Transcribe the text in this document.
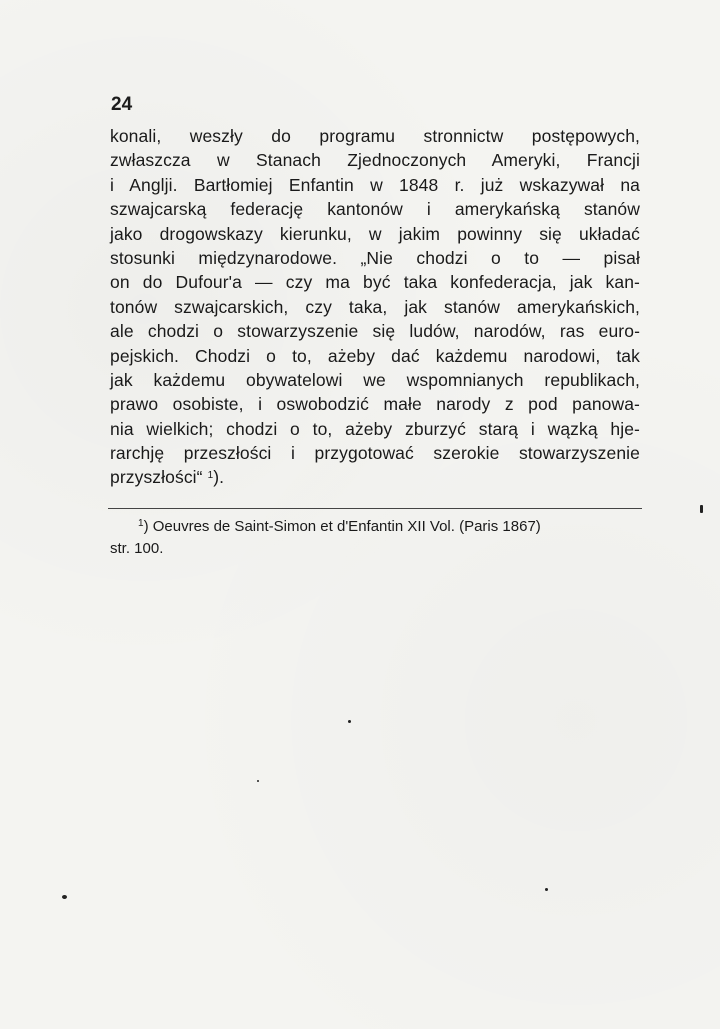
24
konali, weszły do programu stronnictw postępowych,
zwłaszcza w Stanach Zjednoczonych Ameryki, Francji
i Anglji. Bartłomiej Enfantin w 1848 r. już wskazywał na
szwajcarską federację kantonów i amerykańską stanów
jako drogowskazy kierunku, w jakim powinny się układać
stosunki międzynarodowe. „Nie chodzi o to — pisał
on do Dufour'a — czy ma być taka konfederacja, jak kan-
tonów szwajcarskich, czy taka, jak stanów amerykańskich,
ale chodzi o stowarzyszenie się ludów, narodów, ras euro-
pejskich. Chodzi o to, ażeby dać każdemu narodowi, tak
jak każdemu obywatelowi we wspomnianych republikach,
prawo osobiste, i oswobodzić małe narody z pod panowa-
nia wielkich; chodzi o to, ażeby zburzyć starą i wązką hje-
rarchję przeszłości i przygotować szerokie stowarzyszenie
przyszłości“ $^1$).
$^1$) Oeuvres de Saint-Simon et d'Enfantin XII Vol. (Paris 1867)
str. 100.
